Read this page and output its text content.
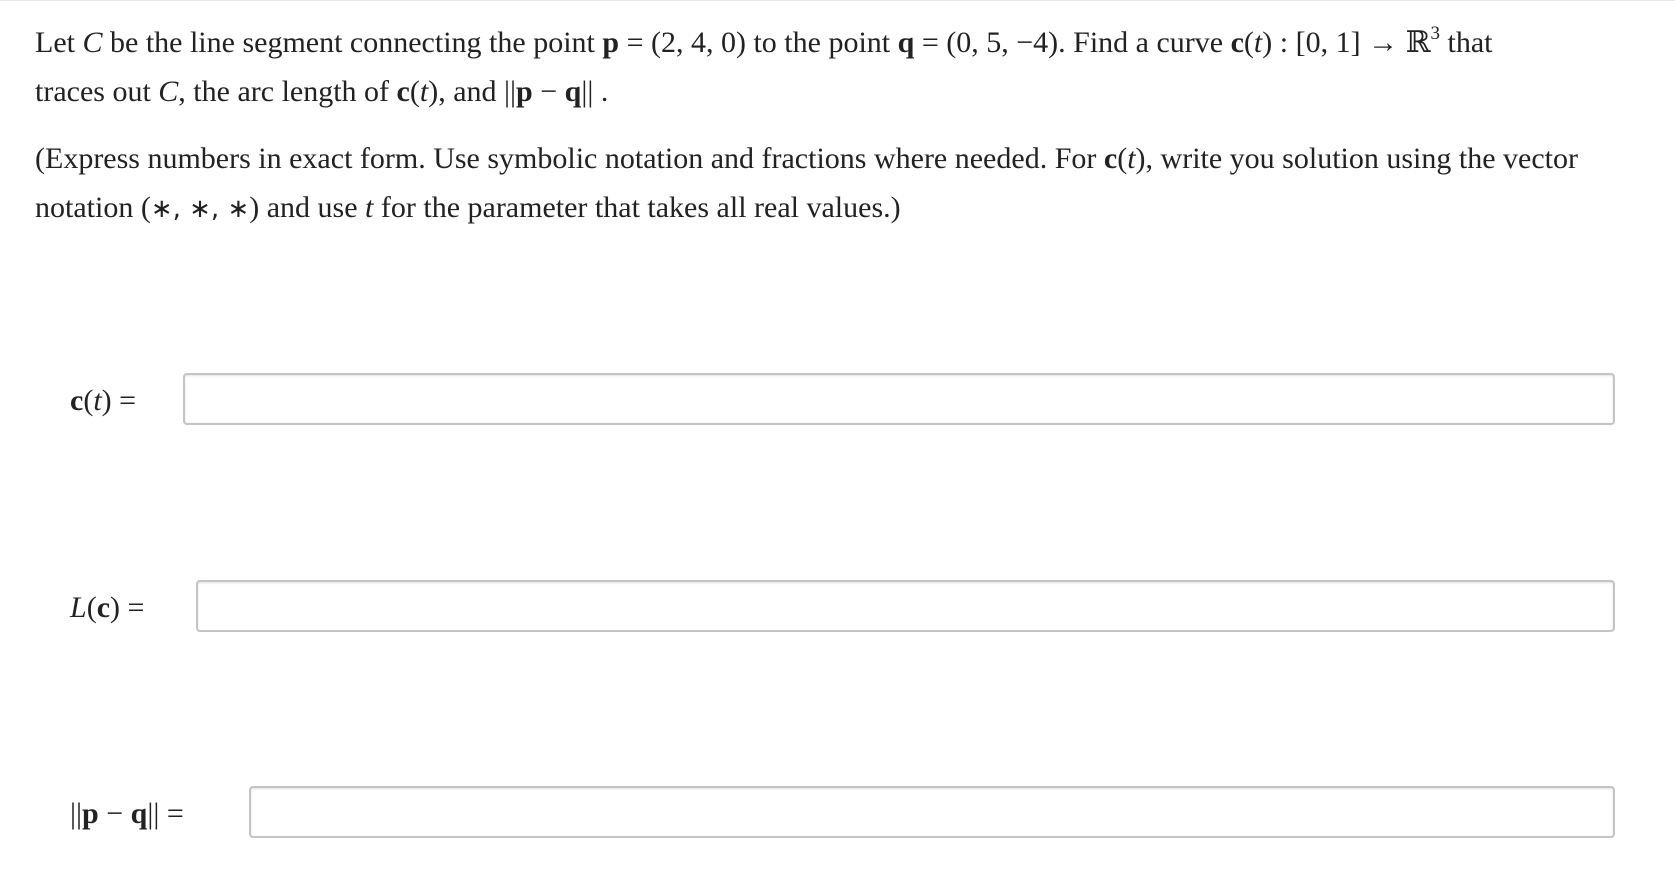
Let C be the line segment connecting the point p = (2, 4, 0) to the point q = (0, 5, −4). Find a curve c(t) : [0, 1] → ℝ$^3$ that

traces out C, the arc length of c(t), and ||p − q|| .

(Express numbers in exact form. Use symbolic notation and fractions where needed. For c(t), write you solution using the vector

notation (∗, ∗, ∗) and use t for the parameter that takes all real values.)

c(t) =
L(c) =
||p − q|| =
